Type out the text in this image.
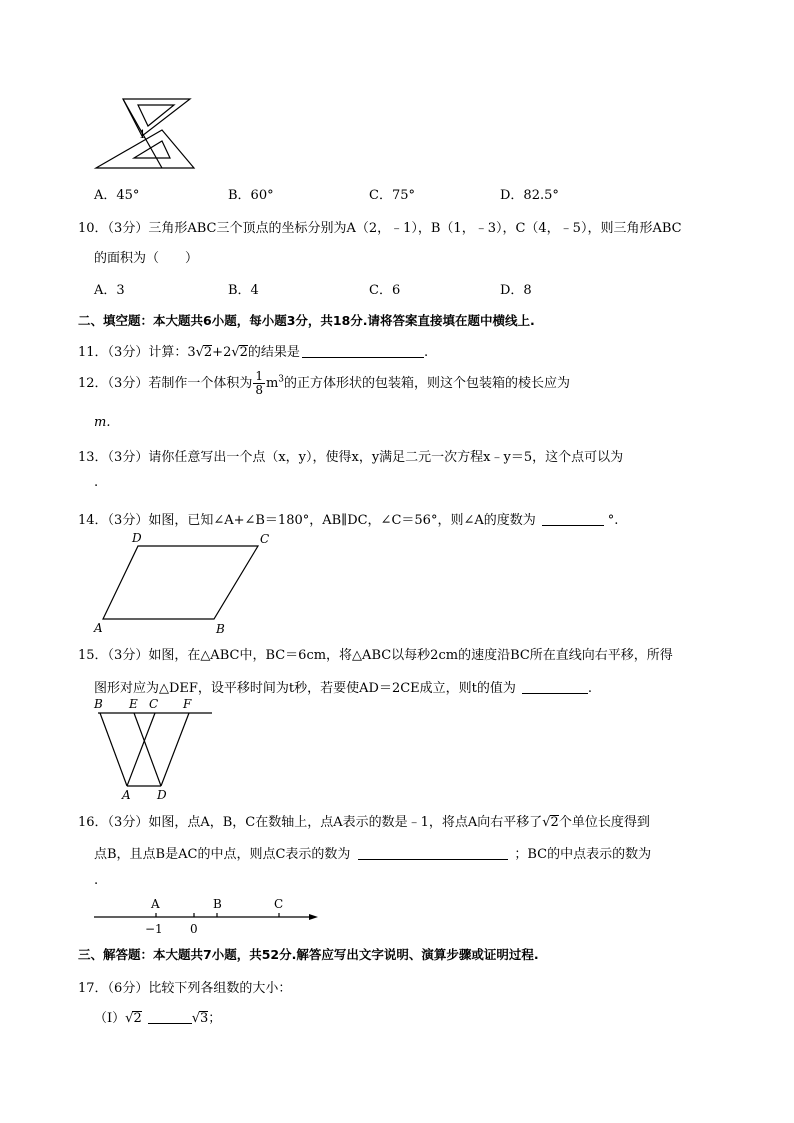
1
A．45°	B．60°	C．75°	D．82.5°
10．（3分）三角形ABC三个顶点的坐标分别为A（2，﹣1），B（1，﹣3），C（4，﹣5），则三角形ABC
的面积为（　　）
A．3	B．4	C．6	D．8
二、填空题：本大题共6小题，每小题3分，共18分.请将答案直接填在题中横线上.
11．（3分）计算：3√2+2√2的结果是	.
12．（3分）若制作一个体积为 $\frac{1}{8} m^3$的正方体形状的包装箱，则这个包装箱的棱长应为
m.
13．（3分）请你任意写出一个点（x，y），使得x，y满足二元一次方程x﹣y＝5，这个点可以为
.
14．（3分）如图，已知∠A+∠B＝180°，AB∥DC，∠C＝56°，则∠A的度数为	°.
D	C
A	B
15．（3分）如图，在△ABC中，BC＝6cm，将△ABC以每秒2cm的速度沿BC所在直线向右平移，所得
图形对应为△DEF，设平移时间为t秒，若要使AD＝2CE成立，则t的值为	.
B E C F
A D
16．（3分）如图，点A，B，C在数轴上，点A表示的数是﹣1，将点A向右平移了√2个单位长度得到
点B，且点B是AC的中点，则点C表示的数为	；BC的中点表示的数为
.
A	B	C
−1 0
三、解答题：本大题共7小题，共52分.解答应写出文字说明、演算步骤或证明过程.
17．（6分）比较下列各组数的大小：
（Ⅰ）√2	√3；
